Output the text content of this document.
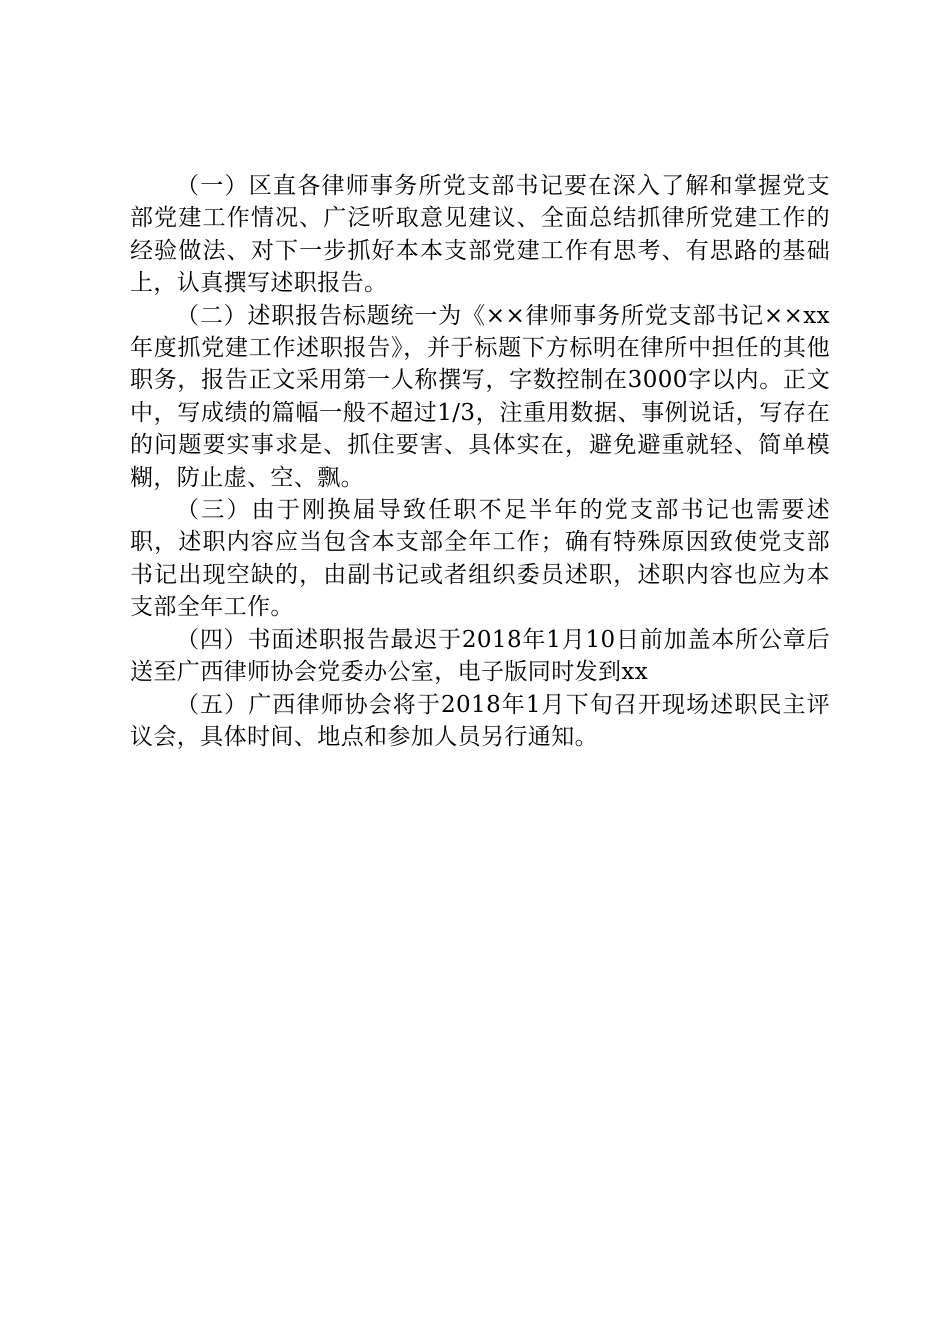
（一）区直各律师事务所党支部书记要在深入了解和掌握党支部党建工作情况、广泛听取意见建议、全面总结抓律所党建工作的经验做法、对下一步抓好本本支部党建工作有思考、有思路的基础上，认真撰写述职报告。

（二）述职报告标题统一为《××律师事务所党支部书记××xx年度抓党建工作述职报告》，并于标题下方标明在律所中担任的其他职务，报告正文采用第一人称撰写，字数控制在3000字以内。正文中，写成绩的篇幅一般不超过1/3，注重用数据、事例说话，写存在的问题要实事求是、抓住要害、具体实在，避免避重就轻、简单模糊，防止虚、空、飘。

（三）由于刚换届导致任职不足半年的党支部书记也需要述职，述职内容应当包含本支部全年工作；确有特殊原因致使党支部书记出现空缺的，由副书记或者组织委员述职，述职内容也应为本支部全年工作。

（四）书面述职报告最迟于2018年1月10日前加盖本所公章后送至广西律师协会党委办公室，电子版同时发到xx

（五）广西律师协会将于2018年1月下旬召开现场述职民主评议会，具体时间、地点和参加人员另行通知。
